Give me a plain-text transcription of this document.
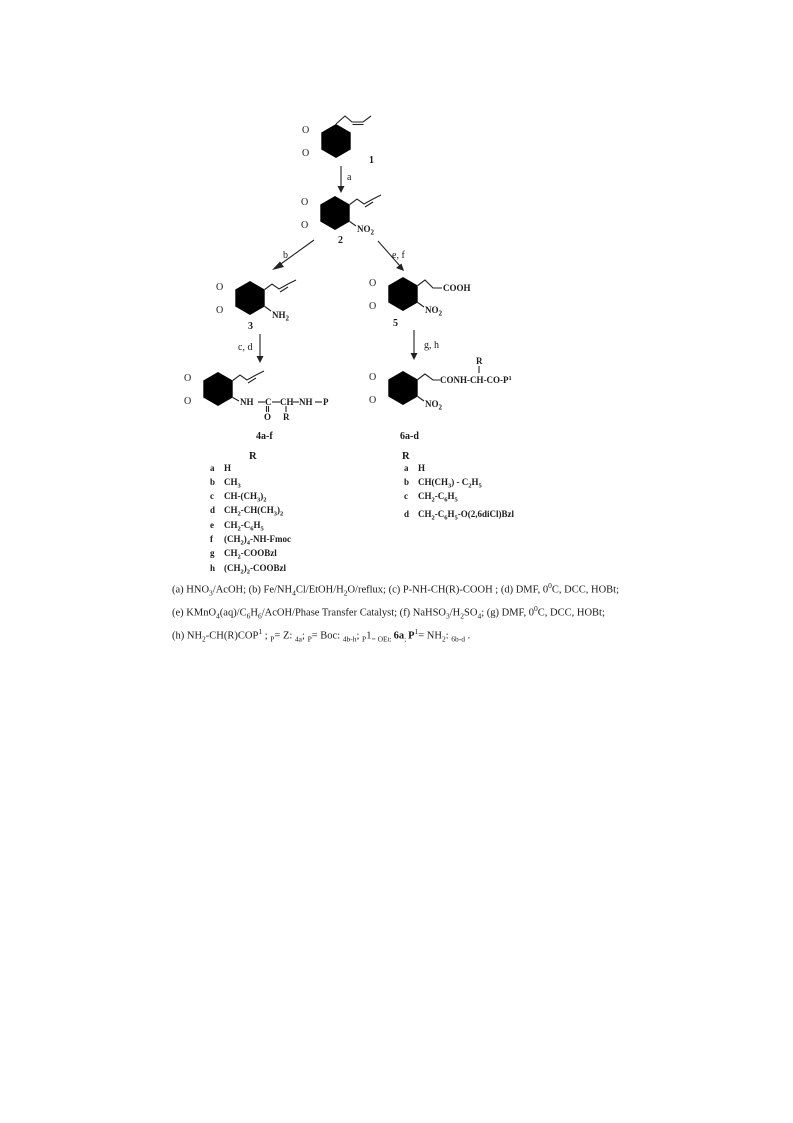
O
O
1
a
O
O
2
$NO_2$
b	e, f
O
O
3
$NH_2$
O
O
COOH
$NO_2$
5
c, d	g, h
O
O	NH C CH NH P
O R
4a-f
O
O
R
CONH-$CH-CO-P^1$
$NO_2$
6a-d
R
a H
b $CH_3$
c $CH-(CH_3)_2$
d $CH_2-CH(CH_3)_2$
e $CH_2-C_6H_5$
f $(CH_2)_4-NH$-Fmoc
g $CH_2$-COOBzl
h $(CH_2)_2$-COOBzl
R
a H
b $CH(CH_3) - C_2H_5$
c $CH_2-C_6H_5$
d $CH_2-C_6H_5-O(2,6diCl)Bzl$
(a) $HNO_3$/AcOH; (b) $Fe/NH_4Cl/EtOH/H_2O$/reflux; (c) P-NH-CH(R)-COOH ; (d) DMF, $0^0C$, DCC, HOBt;
(e) $KMnO_4(aq)/C_6H_6/AcOH$/Phase Transfer Catalyst; (f) $NaHSO_3/H_2SO_4$; (g) DMF, $0^0C$, DCC, HOBt;
(h) $NH_2-CH(R)COP^1$ ; $_P$= Z: $_{4a}$; $_P$= Boc: $_{4b-h}$; $_P1_{= OEt:}$ $6a_;$ $P^1= NH_2$: $_{6b-d}$ .
